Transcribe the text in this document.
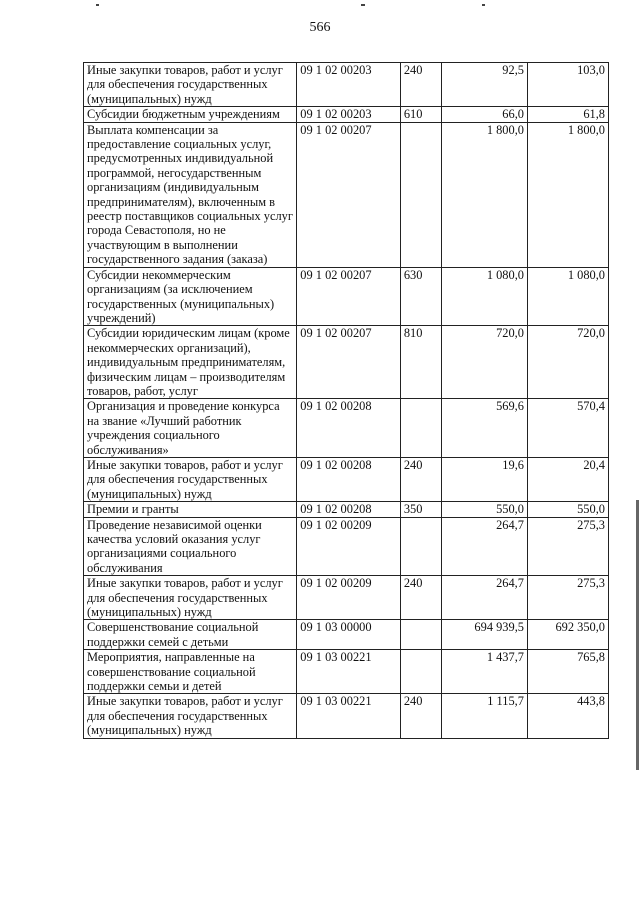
566
Иные закупки товаров, работ и услуг для обеспечения государственных (муниципальных) нужд	09 1 02 00203	240	92,5	103,0
Субсидии бюджетным учреждениям	09 1 02 00203	610	66,0	61,8
Выплата компенсации за предоставление социальных услуг, предусмотренных индивидуальной программой, негосударственным организациям (индивидуальным предпринимателям), включенным в реестр поставщиков социальных услуг города Севастополя, но не участвующим в выполнении государственного задания (заказа)	09 1 02 00207		1 800,0	1 800,0
Субсидии некоммерческим организациям (за исключением государственных (муниципальных) учреждений)	09 1 02 00207	630	1 080,0	1 080,0
Субсидии юридическим лицам (кроме некоммерческих организаций), индивидуальным предпринимателям, физическим лицам – производителям товаров, работ, услуг	09 1 02 00207	810	720,0	720,0
Организация и проведение конкурса на звание «Лучший работник учреждения социального обслуживания»	09 1 02 00208		569,6	570,4
Иные закупки товаров, работ и услуг для обеспечения государственных (муниципальных) нужд	09 1 02 00208	240	19,6	20,4
Премии и гранты	09 1 02 00208	350	550,0	550,0
Проведение независимой оценки качества условий оказания услуг организациями социального обслуживания	09 1 02 00209		264,7	275,3
Иные закупки товаров, работ и услуг для обеспечения государственных (муниципальных) нужд	09 1 02 00209	240	264,7	275,3
Совершенствование социальной поддержки семей с детьми	09 1 03 00000		694 939,5	692 350,0
Мероприятия, направленные на совершенствование социальной поддержки семьи и детей	09 1 03 00221		1 437,7	765,8
Иные закупки товаров, работ и услуг для обеспечения государственных (муниципальных) нужд	09 1 03 00221	240	1 115,7	443,8
